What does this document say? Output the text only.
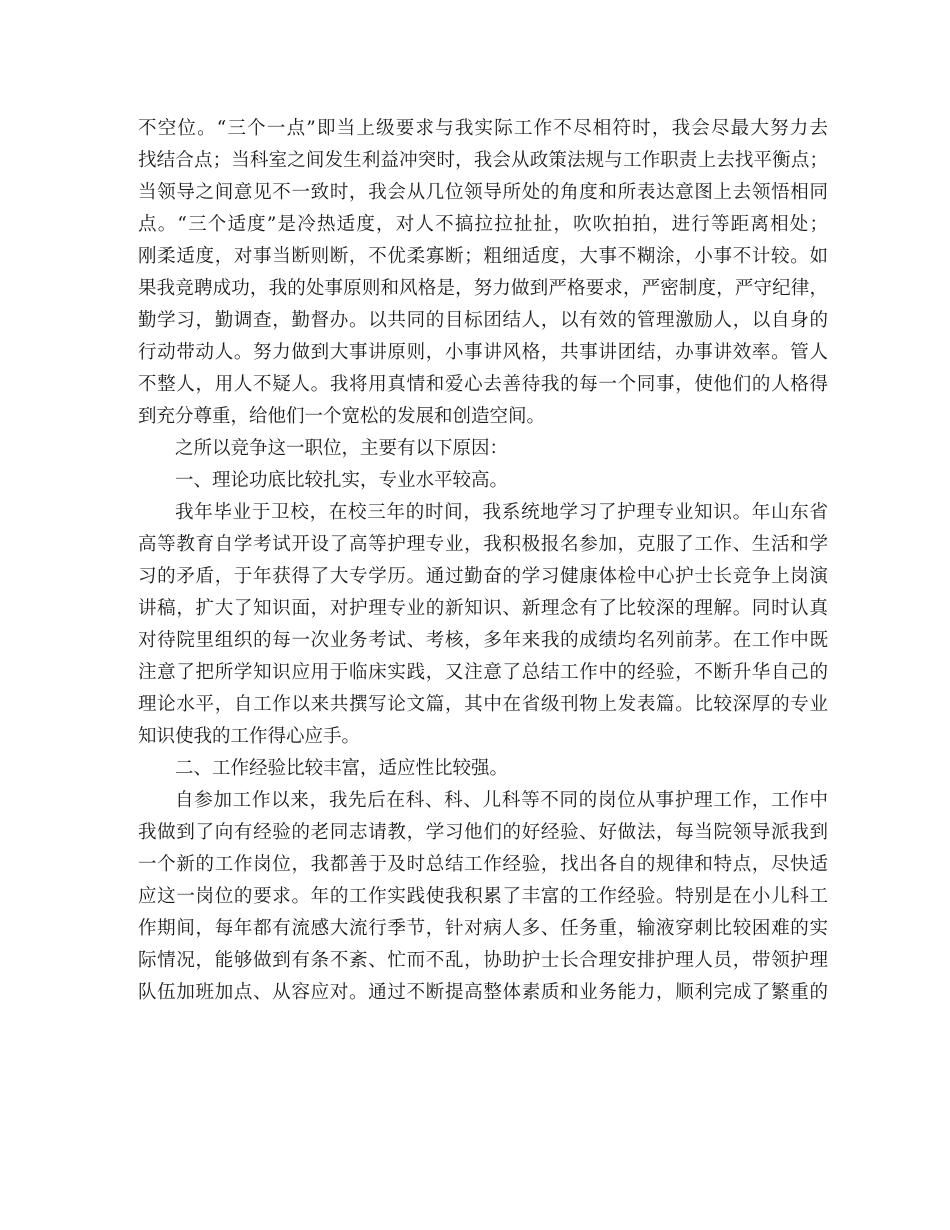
不空位。“三个一点”即当上级要求与我实际工作不尽相符时，我会尽最大努力去
找结合点；当科室之间发生利益冲突时，我会从政策法规与工作职责上去找平衡点；
当领导之间意见不一致时，我会从几位领导所处的角度和所表达意图上去领悟相同
点。“三个适度”是冷热适度，对人不搞拉拉扯扯，吹吹拍拍，进行等距离相处；
刚柔适度，对事当断则断，不优柔寡断；粗细适度，大事不糊涂，小事不计较。如
果我竞聘成功，我的处事原则和风格是，努力做到严格要求，严密制度，严守纪律，
勤学习，勤调查，勤督办。以共同的目标团结人，以有效的管理激励人，以自身的
行动带动人。努力做到大事讲原则，小事讲风格，共事讲团结，办事讲效率。管人
不整人，用人不疑人。我将用真情和爱心去善待我的每一个同事，使他们的人格得
到充分尊重，给他们一个宽松的发展和创造空间。
之所以竞争这一职位，主要有以下原因：
一、理论功底比较扎实，专业水平较高。
我年毕业于卫校，在校三年的时间，我系统地学习了护理专业知识。年山东省
高等教育自学考试开设了高等护理专业，我积极报名参加，克服了工作、生活和学
习的矛盾，于年获得了大专学历。通过勤奋的学习健康体检中心护士长竞争上岗演
讲稿，扩大了知识面，对护理专业的新知识、新理念有了比较深的理解。同时认真
对待院里组织的每一次业务考试、考核，多年来我的成绩均名列前茅。在工作中既
注意了把所学知识应用于临床实践，又注意了总结工作中的经验，不断升华自己的
理论水平，自工作以来共撰写论文篇，其中在省级刊物上发表篇。比较深厚的专业
知识使我的工作得心应手。
二、工作经验比较丰富，适应性比较强。
自参加工作以来，我先后在科、科、儿科等不同的岗位从事护理工作，工作中
我做到了向有经验的老同志请教，学习他们的好经验、好做法，每当院领导派我到
一个新的工作岗位，我都善于及时总结工作经验，找出各自的规律和特点，尽快适
应这一岗位的要求。年的工作实践使我积累了丰富的工作经验。特别是在小儿科工
作期间，每年都有流感大流行季节，针对病人多、任务重，输液穿刺比较困难的实
际情况，能够做到有条不紊、忙而不乱，协助护士长合理安排护理人员，带领护理
队伍加班加点、从容应对。通过不断提高整体素质和业务能力，顺利完成了繁重的
